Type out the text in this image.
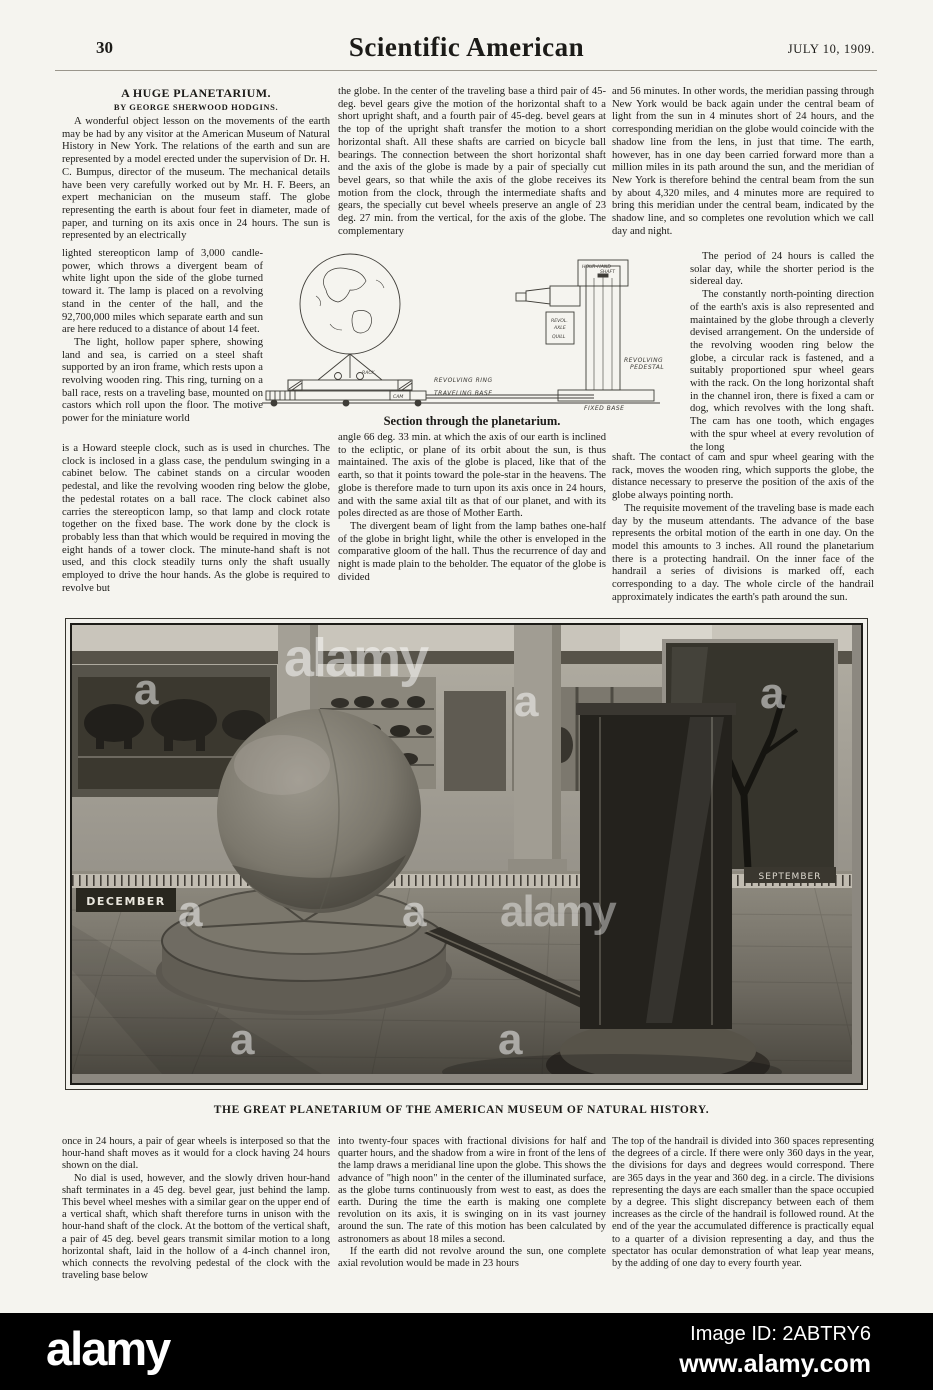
30	Scientific American	JULY 10, 1909.
A HUGE PLANETARIUM.
BY GEORGE SHERWOOD HODGINS.

A wonderful object lesson on the movements of the earth may be had by any visitor at the American Museum of Natural History in New York. The relations of the earth and sun are represented by a model erected under the supervision of Dr. H. C. Bumpus, director of the museum. The mechanical details have been very carefully worked out by Mr. H. F. Beers, an expert mechanician on the museum staff. The globe representing the earth is about four feet in diameter, made of paper, and turning on its axis once in 24 hours. The sun is represented by an electrically

lighted stereopticon lamp of 3,000 candle-power, which throws a divergent beam of white light upon the side of the globe turned toward it. The lamp is placed on a revolving stand in the center of the hall, and the 92,700,000 miles which separate earth and sun are here reduced to a distance of about 14 feet.

The light, hollow paper sphere, showing land and sea, is carried on a steel shaft supported by an iron frame, which rests upon a revolving wooden ring. This ring, turning on a ball race, rests on a traveling base, mounted on castors which roll upon the floor. The motive power for the miniature world

is a Howard steeple clock, such as is used in churches. The clock is inclosed in a glass case, the pendulum swinging in a cabinet below. The cabinet stands on a circular wooden pedestal, and like the revolving wooden ring below the globe, the pedestal rotates on a ball race. The clock cabinet also carries the stereopticon lamp, so that lamp and clock rotate together on the fixed base. The work done by the clock is probably less than that which would be required in moving the eight hands of a tower clock. The minute-hand shaft is not used, and this clock steadily turns only the shaft usually employed to drive the hour hands. As the globe is required to revolve but

the globe. In the center of the traveling base a third pair of 45-deg. bevel gears give the motion of the horizontal shaft to a short upright shaft, and a fourth pair of 45-deg. bevel gears at the top of the upright shaft transfer the motion to a short horizontal shaft. All these shafts are carried on bicycle ball bearings. The connection between the short horizontal shaft and the axis of the globe is made by a pair of specially cut bevel gears, so that while the axis of the globe receives its motion from the clock, through the intermediate shafts and gears, the specially cut bevel wheels preserve an angle of 23 deg. 27 min. from the vertical, for the axis of the globe. The complementary

REVOLVING RING
RACK.
TRAVELING BASE
CAM
FIXED BASE
REVOLVING
PEDESTAL
HOUR-HAND
SHAFT
REVOL.
AXLE
QUILL
Section through the planetarium.

angle 66 deg. 33 min. at which the axis of our earth is inclined to the ecliptic, or plane of its orbit about the sun, is thus maintained. The axis of the globe is placed, like that of the earth, so that it points toward the pole-star in the heavens. The globe is therefore made to turn upon its axis once in 24 hours, and with the same axial tilt as that of our planet, and with its poles directed as are those of Mother Earth.

The divergent beam of light from the lamp bathes one-half of the globe in bright light, while the other is enveloped in the comparative gloom of the hall. Thus the recurrence of day and night is made plain to the beholder. The equator of the globe is divided

and 56 minutes. In other words, the meridian passing through New York would be back again under the central beam of light from the sun in 4 minutes short of 24 hours, and the corresponding meridian on the globe would coincide with the shadow line from the lens, in just that time. The earth, however, has in one day been carried forward more than a million miles in its path around the sun, and the meridian of New York is therefore behind the central beam from the sun by about 4,320 miles, and 4 minutes more are required to bring this meridian under the central beam, indicated by the shadow line, and so completes one revolution which we call day and night.

The period of 24 hours is called the solar day, while the shorter period is the sidereal day.

The constantly north-pointing direction of the earth's axis is also represented and maintained by the globe through a cleverly devised arrangement. On the underside of the revolving wooden ring below the globe, a circular rack is fastened, and a suitably proportioned spur wheel gears with the rack. On the long horizontal shaft in the channel iron, there is fixed a cam or dog, which revolves with the long shaft. The cam has one tooth, which engages with the spur wheel at every revolution of the long

shaft. The contact of cam and spur wheel gearing with the rack, moves the wooden ring, which supports the globe, the distance necessary to preserve the position of the axis of the globe always pointing north.

The requisite movement of the traveling base is made each day by the museum attendants. The advance of the base represents the orbital motion of the earth in one day. On the model this amounts to 3 inches. All round the planetarium there is a protecting handrail. On the inner face of the handrail a series of divisions is marked off, each corresponding to a day. The whole circle of the handrail approximately indicates the earth's path around the sun.

DECEMBER
SEPTEMBER
alamy
alamy
a	a	a
a	a
a	a
THE GREAT PLANETARIUM OF THE AMERICAN MUSEUM OF NATURAL HISTORY.

once in 24 hours, a pair of gear wheels is interposed so that the hour-hand shaft moves as it would for a clock having 24 hours shown on the dial.

No dial is used, however, and the slowly driven hour-hand shaft terminates in a 45 deg. bevel gear, just behind the lamp. This bevel wheel meshes with a similar gear on the upper end of a vertical shaft, which shaft therefore turns in unison with the hour-hand shaft of the clock. At the bottom of the vertical shaft, a pair of 45 deg. bevel gears transmit similar motion to a long horizontal shaft, laid in the hollow of a 4-inch channel iron, which connects the revolving pedestal of the clock with the traveling base below

into twenty-four spaces with fractional divisions for half and quarter hours, and the shadow from a wire in front of the lens of the lamp draws a meridianal line upon the globe. This shows the advance of "high noon" in the center of the illuminated surface, as the globe turns continuously from west to east, as does the earth. During the time the earth is making one complete revolution on its axis, it is swinging on in its vast journey around the sun. The rate of this motion has been calculated by astronomers as about 18 miles a second.

If the earth did not revolve around the sun, one complete axial revolution would be made in 23 hours

The top of the handrail is divided into 360 spaces representing the degrees of a circle. If there were only 360 days in the year, the divisions for days and degrees would correspond. There are 365 days in the year and 360 deg. in a circle. The divisions representing the days are each smaller than the space occupied by a degree. This slight discrepancy between each of them increases as the circle of the handrail is followed round. At the end of the year the accumulated difference is practically equal to a quarter of a division representing a day, and thus the spectator has ocular demonstration of what leap year means, by the adding of one day to every fourth year.

alamy	Image ID: 2ABTRY6
www.alamy.com
